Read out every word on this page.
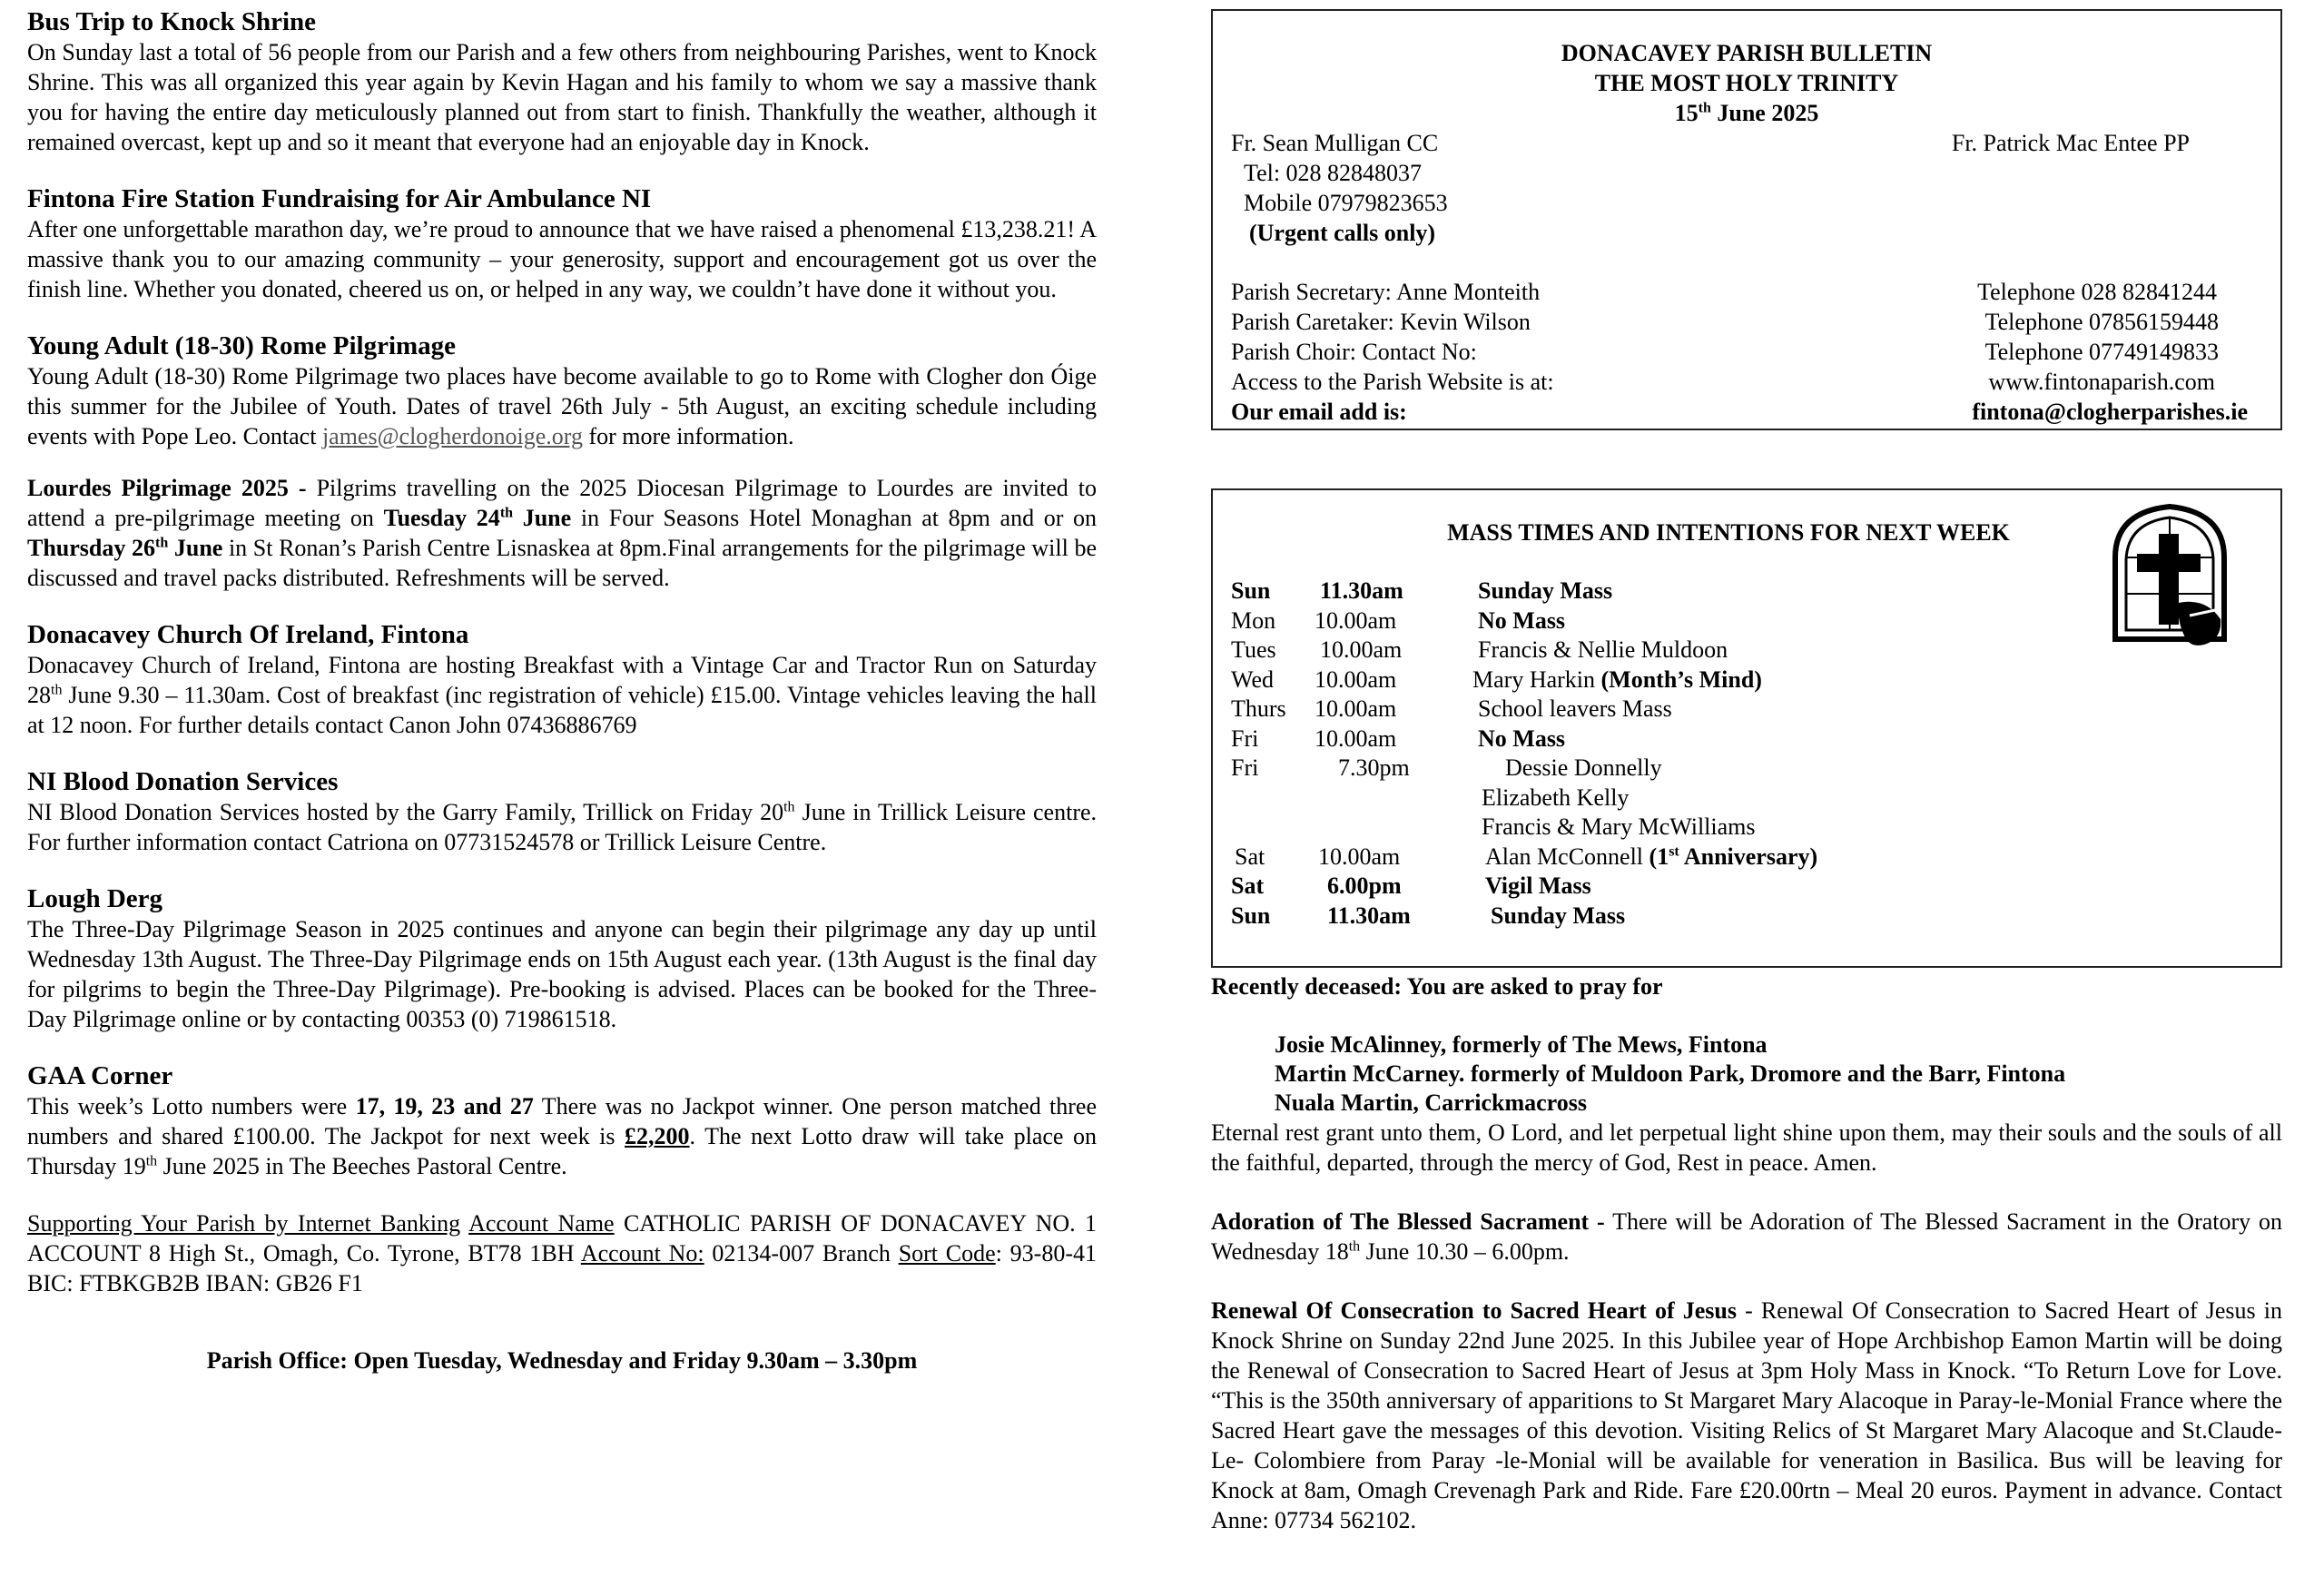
Bus Trip to Knock Shrine

On Sunday last a total of 56 people from our Parish and a few others from neighbouring Parishes, went to Knock Shrine. This was all organized this year again by Kevin Hagan and his family to whom we say a massive thank you for having the entire day meticulously planned out from start to finish. Thankfully the weather, although it remained overcast, kept up and so it meant that everyone had an enjoyable day in Knock.

Fintona Fire Station Fundraising for Air Ambulance NI

After one unforgettable marathon day, we’re proud to announce that we have raised a phenomenal £13,238.21! A massive thank you to our amazing community – your generosity, support and encouragement got us over the finish line. Whether you donated, cheered us on, or helped in any way, we couldn’t have done it without you.

Young Adult (18-30) Rome Pilgrimage

Young Adult (18-30) Rome Pilgrimage two places have become available to go to Rome with Clogher don Óige this summer for the Jubilee of Youth. Dates of travel 26th July - 5th August, an exciting schedule including events with Pope Leo. Contact james@clogherdonoige.org for more information.

Lourdes Pilgrimage 2025 - Pilgrims travelling on the 2025 Diocesan Pilgrimage to Lourdes are invited to attend a pre-pilgrimage meeting on Tuesday 24th June in Four Seasons Hotel Monaghan at 8pm and or on Thursday 26th June in St Ronan’s Parish Centre Lisnaskea at 8pm.Final arrangements for the pilgrimage will be discussed and travel packs distributed. Refreshments will be served.

Donacavey Church Of Ireland, Fintona

Donacavey Church of Ireland, Fintona are hosting Breakfast with a Vintage Car and Tractor Run on Saturday 28th June 9.30 – 11.30am. Cost of breakfast (inc registration of vehicle) £15.00. Vintage vehicles leaving the hall at 12 noon. For further details contact Canon John 07436886769

NI Blood Donation Services

NI Blood Donation Services hosted by the Garry Family, Trillick on Friday 20th June in Trillick Leisure centre. For further information contact Catriona on 07731524578 or Trillick Leisure Centre.

Lough Derg

The Three-Day Pilgrimage Season in 2025 continues and anyone can begin their pilgrimage any day up until Wednesday 13th August. The Three-Day Pilgrimage ends on 15th August each year. (13th August is the final day for pilgrims to begin the Three-Day Pilgrimage). Pre-booking is advised. Places can be booked for the Three-Day Pilgrimage online or by contacting 00353 (0) 719861518.

GAA Corner

This week’s Lotto numbers were 17, 19, 23 and 27 There was no Jackpot winner. One person matched three numbers and shared £100.00. The Jackpot for next week is £2,200. The next Lotto draw will take place on Thursday 19th June 2025 in The Beeches Pastoral Centre.

Supporting Your Parish by Internet Banking Account Name CATHOLIC PARISH OF DONACAVEY NO. 1 ACCOUNT 8 High St., Omagh, Co. Tyrone, BT78 1BH Account No: 02134-007 Branch Sort Code: 93-80-41 BIC: FTBKGB2B IBAN: GB26 F1

Parish Office: Open Tuesday, Wednesday and Friday 9.30am – 3.30pm

DONACAVEY PARISH BULLETIN
THE MOST HOLY TRINITY
15th June 2025
Fr. Sean Mulligan CC	Fr. Patrick Mac Entee PP
Tel: 028 82848037
Mobile 07979823653
(Urgent calls only)
Parish Secretary: Anne Monteith	Telephone 028 82841244
Parish Caretaker: Kevin Wilson	Telephone 07856159448
Parish Choir: Contact No:	Telephone 07749149833
Access to the Parish Website is at:	www.fintonaparish.com
Our email add is:	fintona@clogherparishes.ie
MASS TIMES AND INTENTIONS FOR NEXT WEEK
Sun	11.30am	Sunday Mass
Mon	10.00am	No Mass
Tues	10.00am	Francis & Nellie Muldoon
Wed	10.00am	Mary Harkin (Month’s Mind)
Thurs	10.00am	School leavers Mass
Fri	10.00am	No Mass
Fri	7.30pm	Dessie Donnelly
Elizabeth Kelly
Francis & Mary McWilliams
Sat	10.00am	Alan McConnell (1st Anniversary)
Sat	6.00pm	Vigil Mass
Sun	11.30am	Sunday Mass
Recently deceased: You are asked to pray for
Josie McAlinney, formerly of The Mews, Fintona
Martin McCarney. formerly of Muldoon Park, Dromore and the Barr, Fintona
Nuala Martin, Carrickmacross

Eternal rest grant unto them, O Lord, and let perpetual light shine upon them, may their souls and the souls of all the faithful, departed, through the mercy of God, Rest in peace. Amen.

Adoration of The Blessed Sacrament - There will be Adoration of The Blessed Sacrament in the Oratory on Wednesday 18th June 10.30 – 6.00pm.

Renewal Of Consecration to Sacred Heart of Jesus - Renewal Of Consecration to Sacred Heart of Jesus in Knock Shrine on Sunday 22nd June 2025. In this Jubilee year of Hope Archbishop Eamon Martin will be doing the Renewal of Consecration to Sacred Heart of Jesus at 3pm Holy Mass in Knock. “To Return Love for Love. “This is the 350th anniversary of apparitions to St Margaret Mary Alacoque in Paray-le-Monial France where the Sacred Heart gave the messages of this devotion. Visiting Relics of St Margaret Mary Alacoque and St.Claude- Le- Colombiere from Paray -le-Monial will be available for veneration in Basilica. Bus will be leaving for Knock at 8am, Omagh Crevenagh Park and Ride. Fare £20.00rtn – Meal 20 euros. Payment in advance. Contact Anne: 07734 562102.
